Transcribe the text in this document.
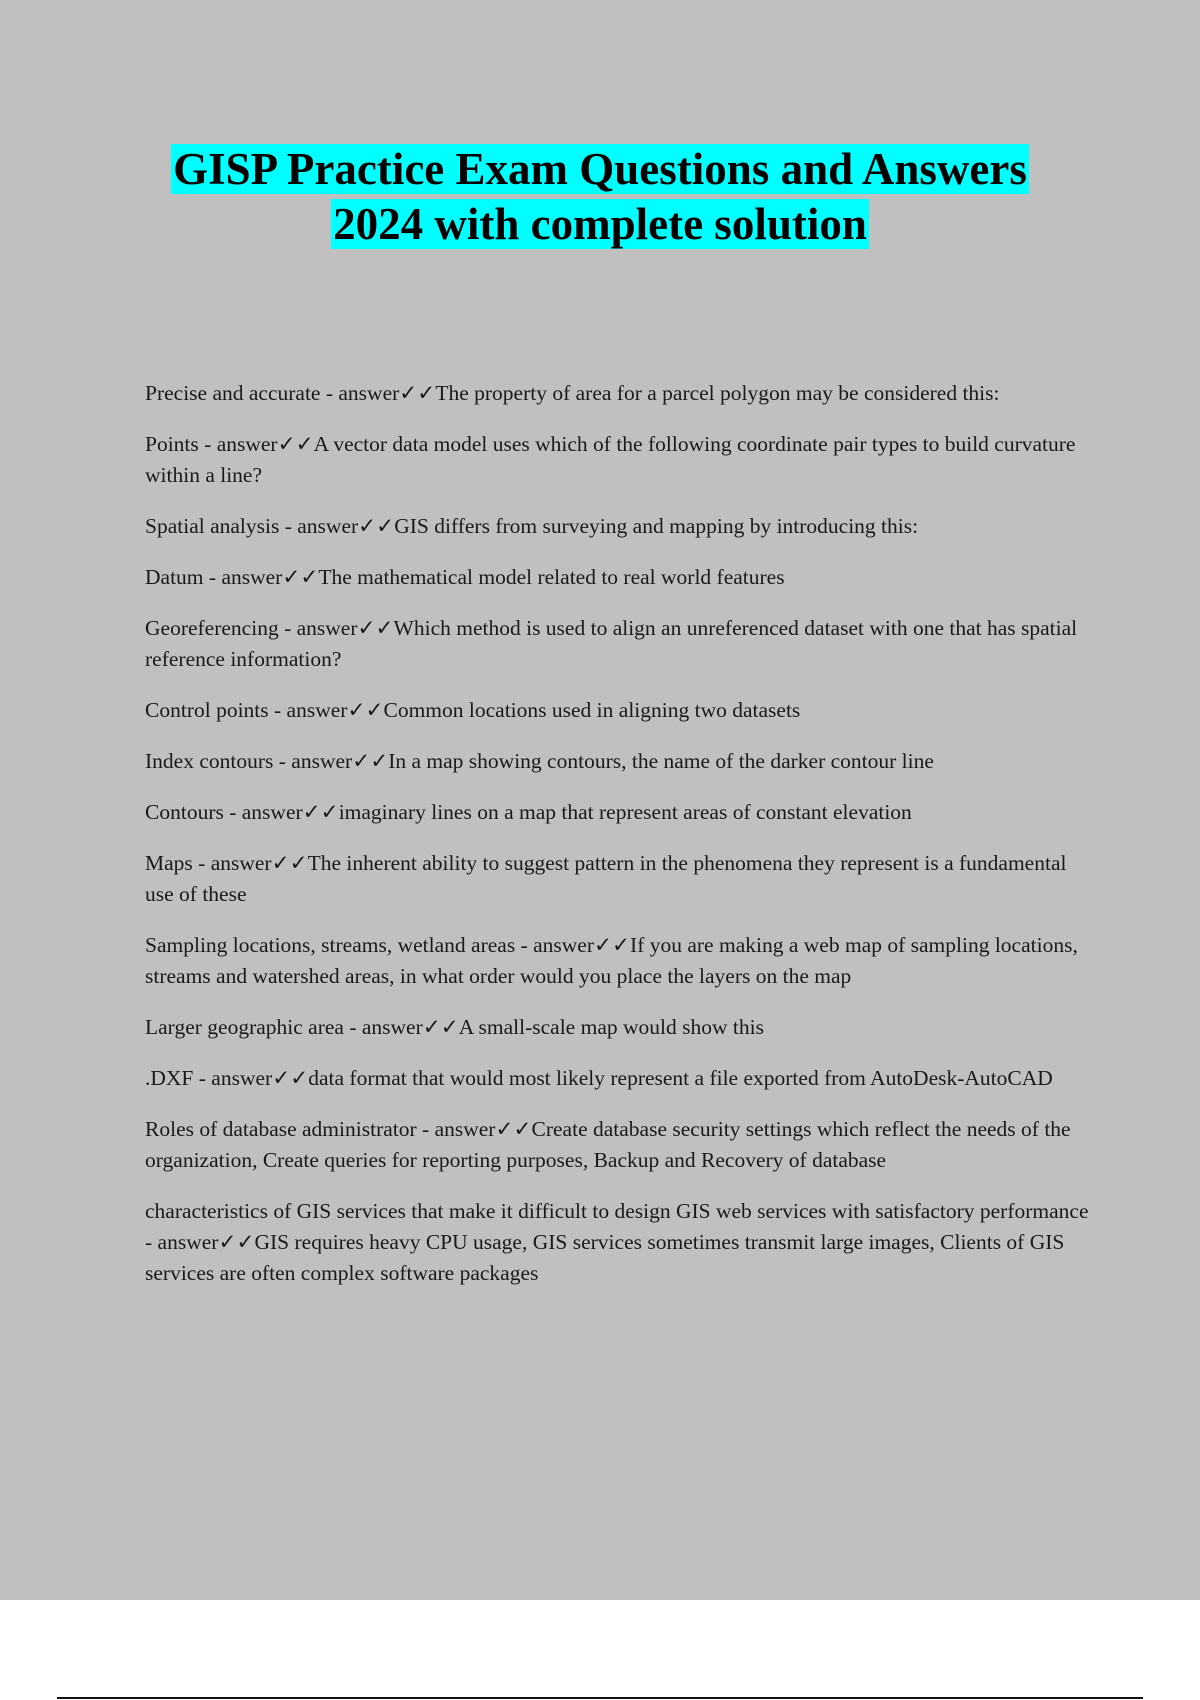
GISP Practice Exam Questions and Answers
2024 with complete solution

Precise and accurate - answer✓✓The property of area for a parcel polygon may be considered this:

Points - answer✓✓A vector data model uses which of the following coordinate pair types to build curvature within a line?

Spatial analysis - answer✓✓GIS differs from surveying and mapping by introducing this:

Datum - answer✓✓The mathematical model related to real world features

Georeferencing - answer✓✓Which method is used to align an unreferenced dataset with one that has spatial reference information?

Control points - answer✓✓Common locations used in aligning two datasets

Index contours - answer✓✓In a map showing contours, the name of the darker contour line

Contours - answer✓✓imaginary lines on a map that represent areas of constant elevation

Maps - answer✓✓The inherent ability to suggest pattern in the phenomena they represent is a fundamental use of these

Sampling locations, streams, wetland areas - answer✓✓If you are making a web map of sampling locations, streams and watershed areas, in what order would you place the layers on the map

Larger geographic area - answer✓✓A small-scale map would show this

.DXF - answer✓✓data format that would most likely represent a file exported from AutoDesk-AutoCAD

Roles of database administrator - answer✓✓Create database security settings which reflect the needs of the organization, Create queries for reporting purposes, Backup and Recovery of database

characteristics of GIS services that make it difficult to design GIS web services with satisfactory performance - answer✓✓GIS requires heavy CPU usage, GIS services sometimes transmit large images, Clients of GIS services are often complex software packages
